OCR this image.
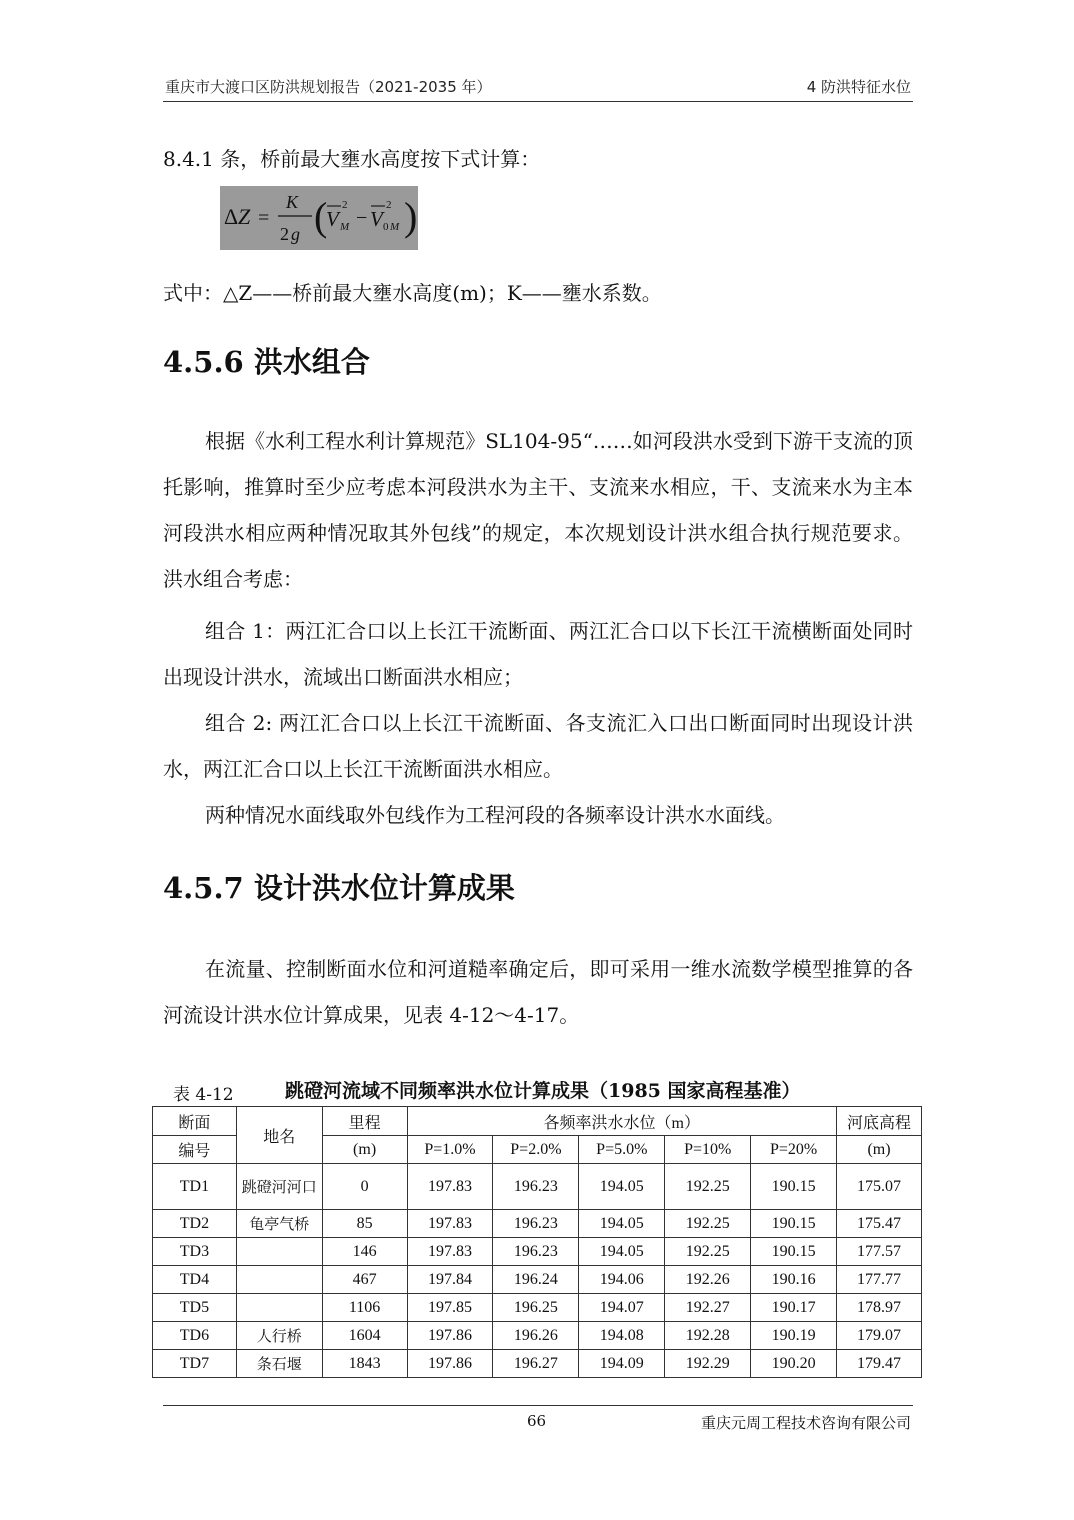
重庆市大渡口区防洪规划报告（2021-2035 年）	4 防洪特征水位
8.4.1 条，桥前最大壅水高度按下式计算：
Δ Z =
K
2 g (
V
2
M − V
2
0 M )
式中：△Z——桥前最大壅水高度(m)；K——壅水系数。
4.5.6 洪水组合
根据《水利工程水利计算规范》SL104-95“……如河段洪水受到下游干支流的顶托影响，推算时至少应考虑本河段洪水为主干、支流来水相应，干、支流来水为主本河段洪水相应两种情况取其外包线”的规定，本次规划设计洪水组合执行规范要求。洪水组合考虑：
组合 1：两江汇合口以上长江干流断面、两江汇合口以下长江干流横断面处同时出现设计洪水，流域出口断面洪水相应；
组合 2: 两江汇合口以上长江干流断面、各支流汇入口出口断面同时出现设计洪水，两江汇合口以上长江干流断面洪水相应。
两种情况水面线取外包线作为工程河段的各频率设计洪水水面线。
4.5.7 设计洪水位计算成果
在流量、控制断面水位和河道糙率确定后，即可采用一维水流数学模型推算的各河流设计洪水位计算成果，见表 4-12～4-17。
表 4-12	跳磴河流域不同频率洪水位计算成果（1985 国家高程基准）
断面	地名	里程	各频率洪水水位（m）					河底高程
编号		(m)	P=1.0%	P=2.0%	P=5.0%	P=10%	P=20%	(m)
TD1	跳磴河河口	0	197.83	196.23	194.05	192.25	190.15	175.07
TD2	龟亭气桥	85	197.83	196.23	194.05	192.25	190.15	175.47
TD3		146	197.83	196.23	194.05	192.25	190.15	177.57
TD4		467	197.84	196.24	194.06	192.26	190.16	177.77
TD5		1106	197.85	196.25	194.07	192.27	190.17	178.97
TD6	人行桥	1604	197.86	196.26	194.08	192.28	190.19	179.07
TD7	条石堰	1843	197.86	196.27	194.09	192.29	190.20	179.47
66	重庆元周工程技术咨询有限公司
